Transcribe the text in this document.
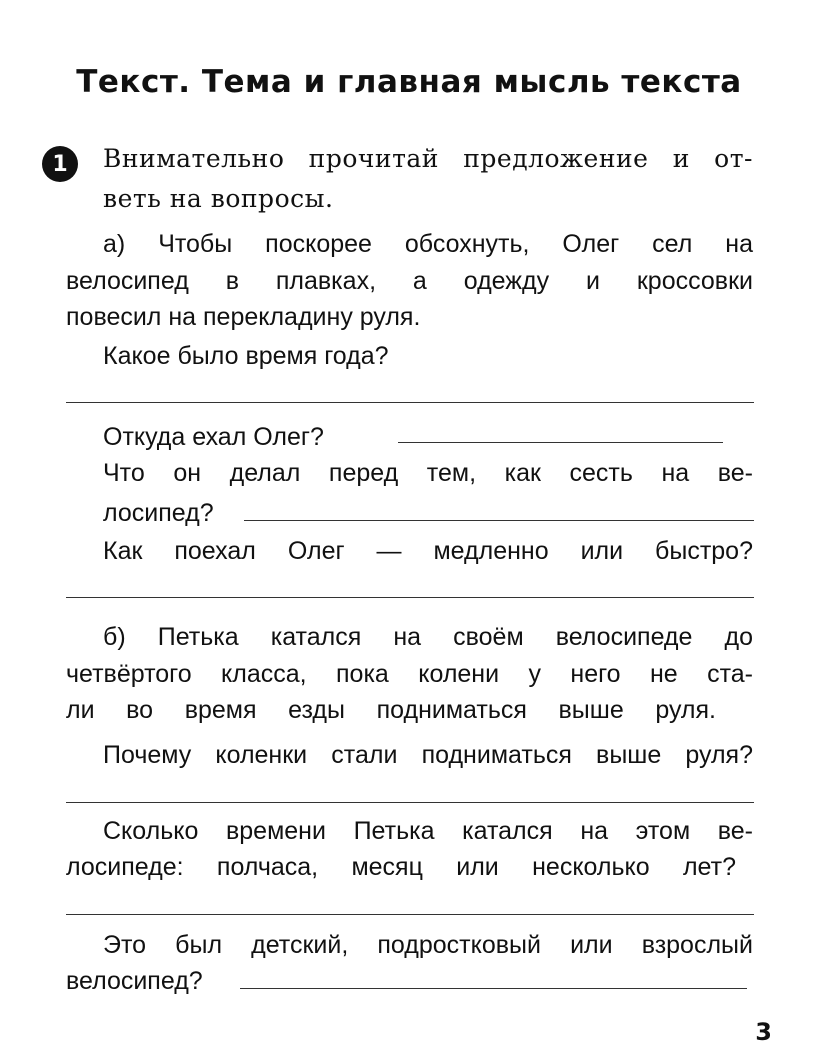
Текст. Тема и главная мысль текста
1	Внимательно прочитай предложение и от-
веть на вопросы.
а) Чтобы поскорее обсохнуть, Олег сел на
велосипед в плавках, а одежду и кроссовки
повесил на перекладину руля.
Какое было время года?
Откуда ехал Олег?
Что он делал перед тем, как сесть на ве-
лосипед?
Как поехал Олег — медленно или быстро?
б) Петька катался на своём велосипеде до
четвёртого класса, пока колени у него не ста-
ли во время езды подниматься выше руля.
Почему коленки стали подниматься выше руля?
Сколько времени Петька катался на этом ве-
лосипеде: полчаса, месяц или несколько лет?
Это был детский, подростковый или взрослый
велосипед?
3
